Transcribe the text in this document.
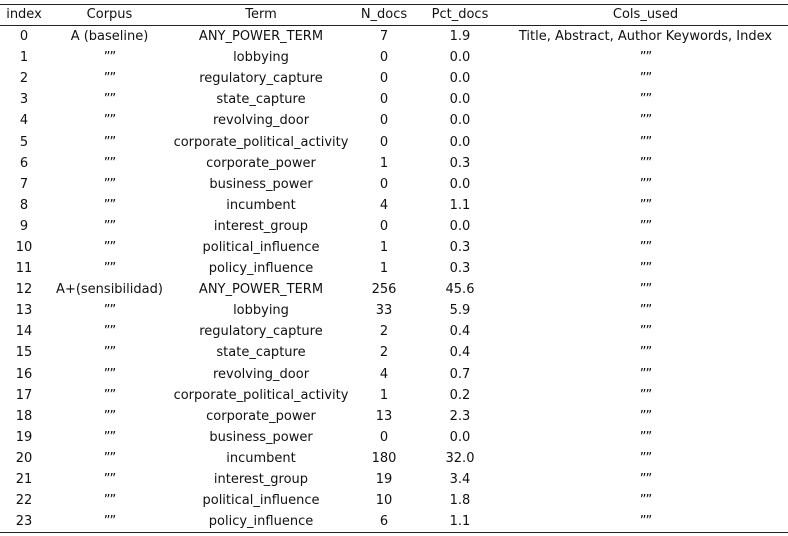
index	Corpus	Term	N_docs	Pct_docs	Cols_used
0	A (baseline)	ANY_POWER_TERM	7	1.9	Title, Abstract, Author Keywords, Index
1	””	lobbying	0	0.0	””
2	””	regulatory_capture	0	0.0	””
3	””	state_capture	0	0.0	””
4	””	revolving_door	0	0.0	””
5	””	corporate_political_activity	0	0.0	””
6	””	corporate_power	1	0.3	””
7	””	business_power	0	0.0	””
8	””	incumbent	4	1.1	””
9	””	interest_group	0	0.0	””
10	””	political_influence	1	0.3	””
11	””	policy_influence	1	0.3	””
12	A+(sensibilidad)	ANY_POWER_TERM	256	45.6	””
13	””	lobbying	33	5.9	””
14	””	regulatory_capture	2	0.4	””
15	””	state_capture	2	0.4	””
16	””	revolving_door	4	0.7	””
17	””	corporate_political_activity	1	0.2	””
18	””	corporate_power	13	2.3	””
19	””	business_power	0	0.0	””
20	””	incumbent	180	32.0	””
21	””	interest_group	19	3.4	””
22	””	political_influence	10	1.8	””
23	””	policy_influence	6	1.1	””
